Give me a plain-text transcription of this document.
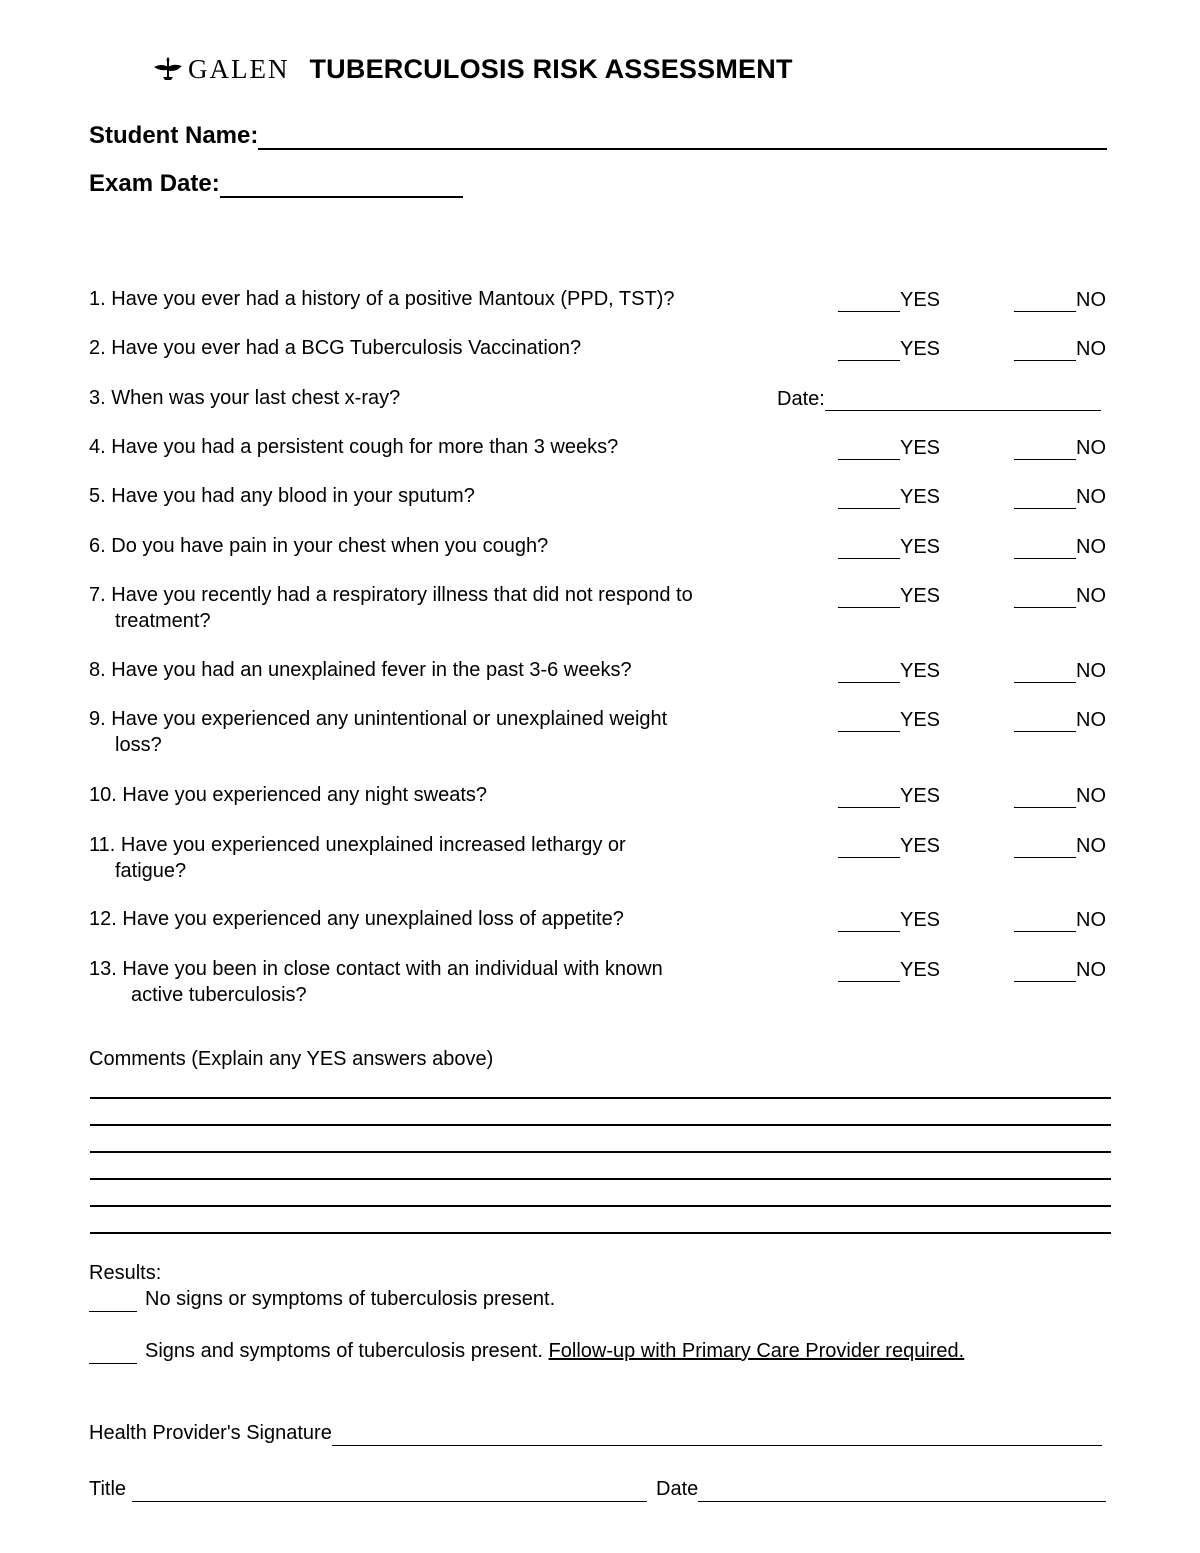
GALEN TUBERCULOSIS RISK ASSESSMENT
Student Name:
Exam Date:
1. Have you ever had a history of a positive Mantoux (PPD, TST)?	YES	NO
2. Have you ever had a BCG Tuberculosis Vaccination?	YES	NO
3. When was your last chest x-ray?	Date:
4. Have you had a persistent cough for more than 3 weeks?	YES	NO
5. Have you had any blood in your sputum?	YES	NO
6. Do you have pain in your chest when you cough?	YES	NO
7. Have you recently had a respiratory illness that did not respond to
treatment?
YES	NO
8. Have you had an unexplained fever in the past 3-6 weeks?	YES	NO
9. Have you experienced any unintentional or unexplained weight
loss?
YES	NO
10. Have you experienced any night sweats?	YES	NO
11. Have you experienced unexplained increased lethargy or
fatigue?
YES	NO
12. Have you experienced any unexplained loss of appetite?	YES	NO
13. Have you been in close contact with an individual with known
active tuberculosis?
YES	NO
Comments (Explain any YES answers above)
Results:
No signs or symptoms of tuberculosis present.
Signs and symptoms of tuberculosis present.
Follow-up with Primary Care Provider required.
Health Provider's Signature
Title	Date
